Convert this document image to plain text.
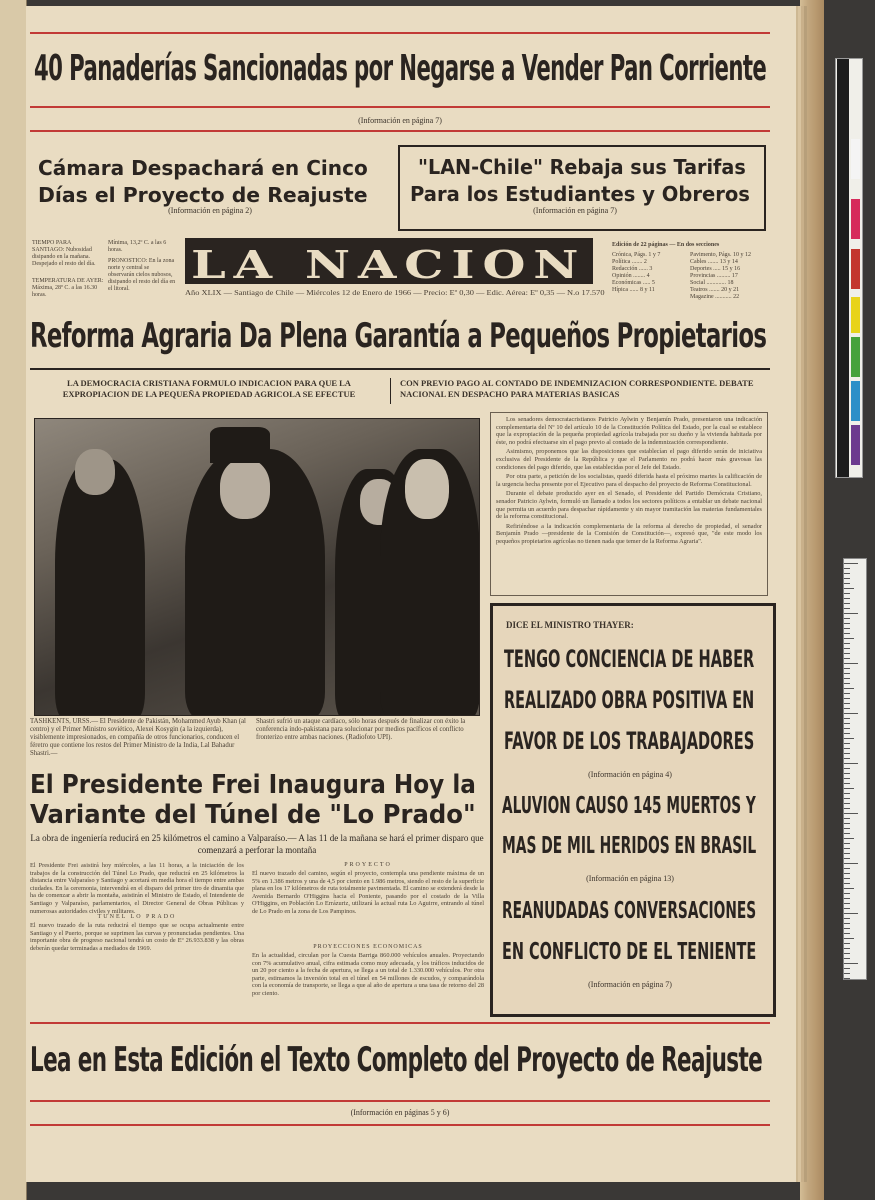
40 Panaderías Sancionadas por Negarse a Vender Pan Corriente
(Información en página 7)
Cámara Despachará en Cinco
Días el Proyecto de Reajuste
(Información en página 2)
"LAN-Chile" Rebaja sus Tarifas
Para los Estudiantes y Obreros
(Información en página 7)
TIEMPO PARA SANTIAGO: Nubosidad disipando en la mañana. Despejado el resto del día.
TEMPERATURA DE AYER: Máxima, 28º C. a las 16.30 horas.
Mínima, 13,2º C. a las 6 horas.
PRONOSTICO: En la zona norte y central se observarán cielos nubosos, disipando el resto del día en el litoral.
LA NACION
Año XLIX — Santiago de Chile — Miércoles 12 de Enero de 1966 — Precio: Eº 0,30 — Edic. Aérea: Eº 0,35 — N.o 17.570
Edición de 22 páginas — En dos secciones
Crónica, Págs. 1 y 7
Política ....... 2
Redacción ...... 3
Opinión ........ 4
Económicas ..... 5
Hípica ...... 8 y 11
Pavimento, Págs. 10 y 12
Cables ....... 13 y 14
Deportes ..... 15 y 16
Provincias ......... 17
Social ............. 18
Teatros ....... 20 y 21
Magazine ........... 22
Reforma Agraria Da Plena Garantía a Pequeños Propietarios
LA DEMOCRACIA CRISTIANA FORMULO INDICACION PARA QUE LA EXPROPIACION DE LA PEQUEÑA PROPIEDAD AGRICOLA SE EFECTUE
CON PREVIO PAGO AL CONTADO DE INDEMNIZACION CORRESPONDIENTE. DEBATE NACIONAL EN DESPACHO PARA MATERIAS BASICAS
TASHKENTS, URSS.— El Presidente de Pakistán, Mohammed Ayub Khan (al centro) y el Primer Ministro soviético, Alexei Kosygin (a la izquierda), visiblemente impresionados, en compañía de otros funcionarios, conducen el féretro que contiene los restos del Primer Ministro de la India, Lal Bahadur Shastri.—
Shastri sufrió un ataque cardíaco, sólo horas después de finalizar con éxito la conferencia indo-pakistana para solucionar por medios pacíficos el conflicto fronterizo entre ambas naciones. (Radiofoto UPI).

Los senadores democratacristianos Patricio Aylwin y Benjamín Prado, presentaron una indicación complementaria del Nº 10 del artículo 10 de la Constitución Política del Estado, por la cual se establece que la expropiación de la pequeña propiedad agrícola trabajada por su dueño y la vivienda habitada por éste, no podrá efectuarse sin el pago previo al contado de la indemnización correspondiente.

Asimismo, proponemos que las disposiciones que establecían el pago diferido serán de iniciativa exclusiva del Presidente de la República y que el Parlamento no podrá hacer más gravosas las condiciones del pago diferido, que las establecidas por el Jefe del Estado.

Por otra parte, a petición de los socialistas, quedó diferida hasta el próximo martes la calificación de la urgencia hecha presente por el Ejecutivo para el despacho del proyecto de Reforma Constitucional.

Durante el debate producido ayer en el Senado, el Presidente del Partido Demócrata Cristiano, senador Patricio Aylwin, formuló un llamado a todos los sectores políticos a entablar un debate nacional que permita un acuerdo para despachar rápidamente y sin mayor tramitación las materias fundamentales de la reforma constitucional.

Refiriéndose a la indicación complementaria de la reforma al derecho de propiedad, el senador Benjamín Prado —presidente de la Comisión de Constitución—, expresó que, "de este modo los pequeños propietarios agrícolas no tienen nada que temer de la Reforma Agraria".

El Presidente Frei Inaugura Hoy la
Variante del Túnel de "Lo Prado"
La obra de ingeniería reducirá en 25 kilómetros el camino a Valparaíso.— A las 11 de la mañana se hará el primer disparo que comenzará a perforar la montaña
El Presidente Frei asistirá hoy miércoles, a las 11 horas, a la iniciación de los trabajos de la construcción del Túnel Lo Prado, que reducirá en 25 kilómetros la distancia entre Valparaíso y Santiago y acortará en media hora el tiempo entre ambas ciudades. En la ceremonia, intervendrá en el disparo del primer tiro de dinamita que ha de comenzar a abrir la montaña, asistirán el Ministro de Estado, el Intendente de Santiago y Valparaíso, parlamentarios, el Director General de Obras Públicas y numerosas autoridades civiles y militares.
TUNEL LO PRADO
El nuevo trazado de la ruta reducirá el tiempo que se ocupa actualmente entre Santiago y el Puerto, porque se suprimen las curvas y pronunciadas pendientes. Una importante obra de progreso nacional tendrá un costo de Eº 26.933.838 y las obras deberán quedar terminadas a mediados de 1969.
PROYECTO
El nuevo trazado del camino, según el proyecto, contempla una pendiente máxima de un 5% en 1.386 metros y una de 4,5 por ciento en 1.986 metros, siendo el resto de la superficie plana en los 17 kilómetros de ruta totalmente pavimentada. El camino se extenderá desde la Avenida Bernardo O'Higgins hacia el Poniente, pasando por el costado de la Villa O'Higgins, en Población Lo Errázuriz, utilizará la actual ruta Lo Aguirre, entrando al túnel de Lo Prado en la zona de Los Pampinos.
PROYECCIONES ECONOMICAS
En la actualidad, circulan por la Cuesta Barriga 860.000 vehículos anuales. Proyectando con 7% acumulativo anual, cifra estimada como muy adecuada, y los tráficos inducidos de un 20 por ciento a la fecha de apertura, se llega a un total de 1.330.000 vehículos. Por otra parte, estimamos la inversión total en el túnel en 54 millones de escudos, y comparándola con la economía de transporte, se llega a que al año de apertura a una tasa de retorno del 28 por ciento.
DICE EL MINISTRO THAYER:
TENGO CONCIENCIA DE HABER
REALIZADO OBRA POSITIVA EN
FAVOR DE LOS TRABAJADORES
(Información en página 4)
ALUVION CAUSO 145 MUERTOS Y
MAS DE MIL HERIDOS EN BRASIL
(Información en página 13)
REANUDADAS CONVERSACIONES
EN CONFLICTO DE EL TENIENTE
(Información en página 7)
Lea en Esta Edición el Texto Completo del Proyecto de Reajuste
(Información en páginas 5 y 6)
